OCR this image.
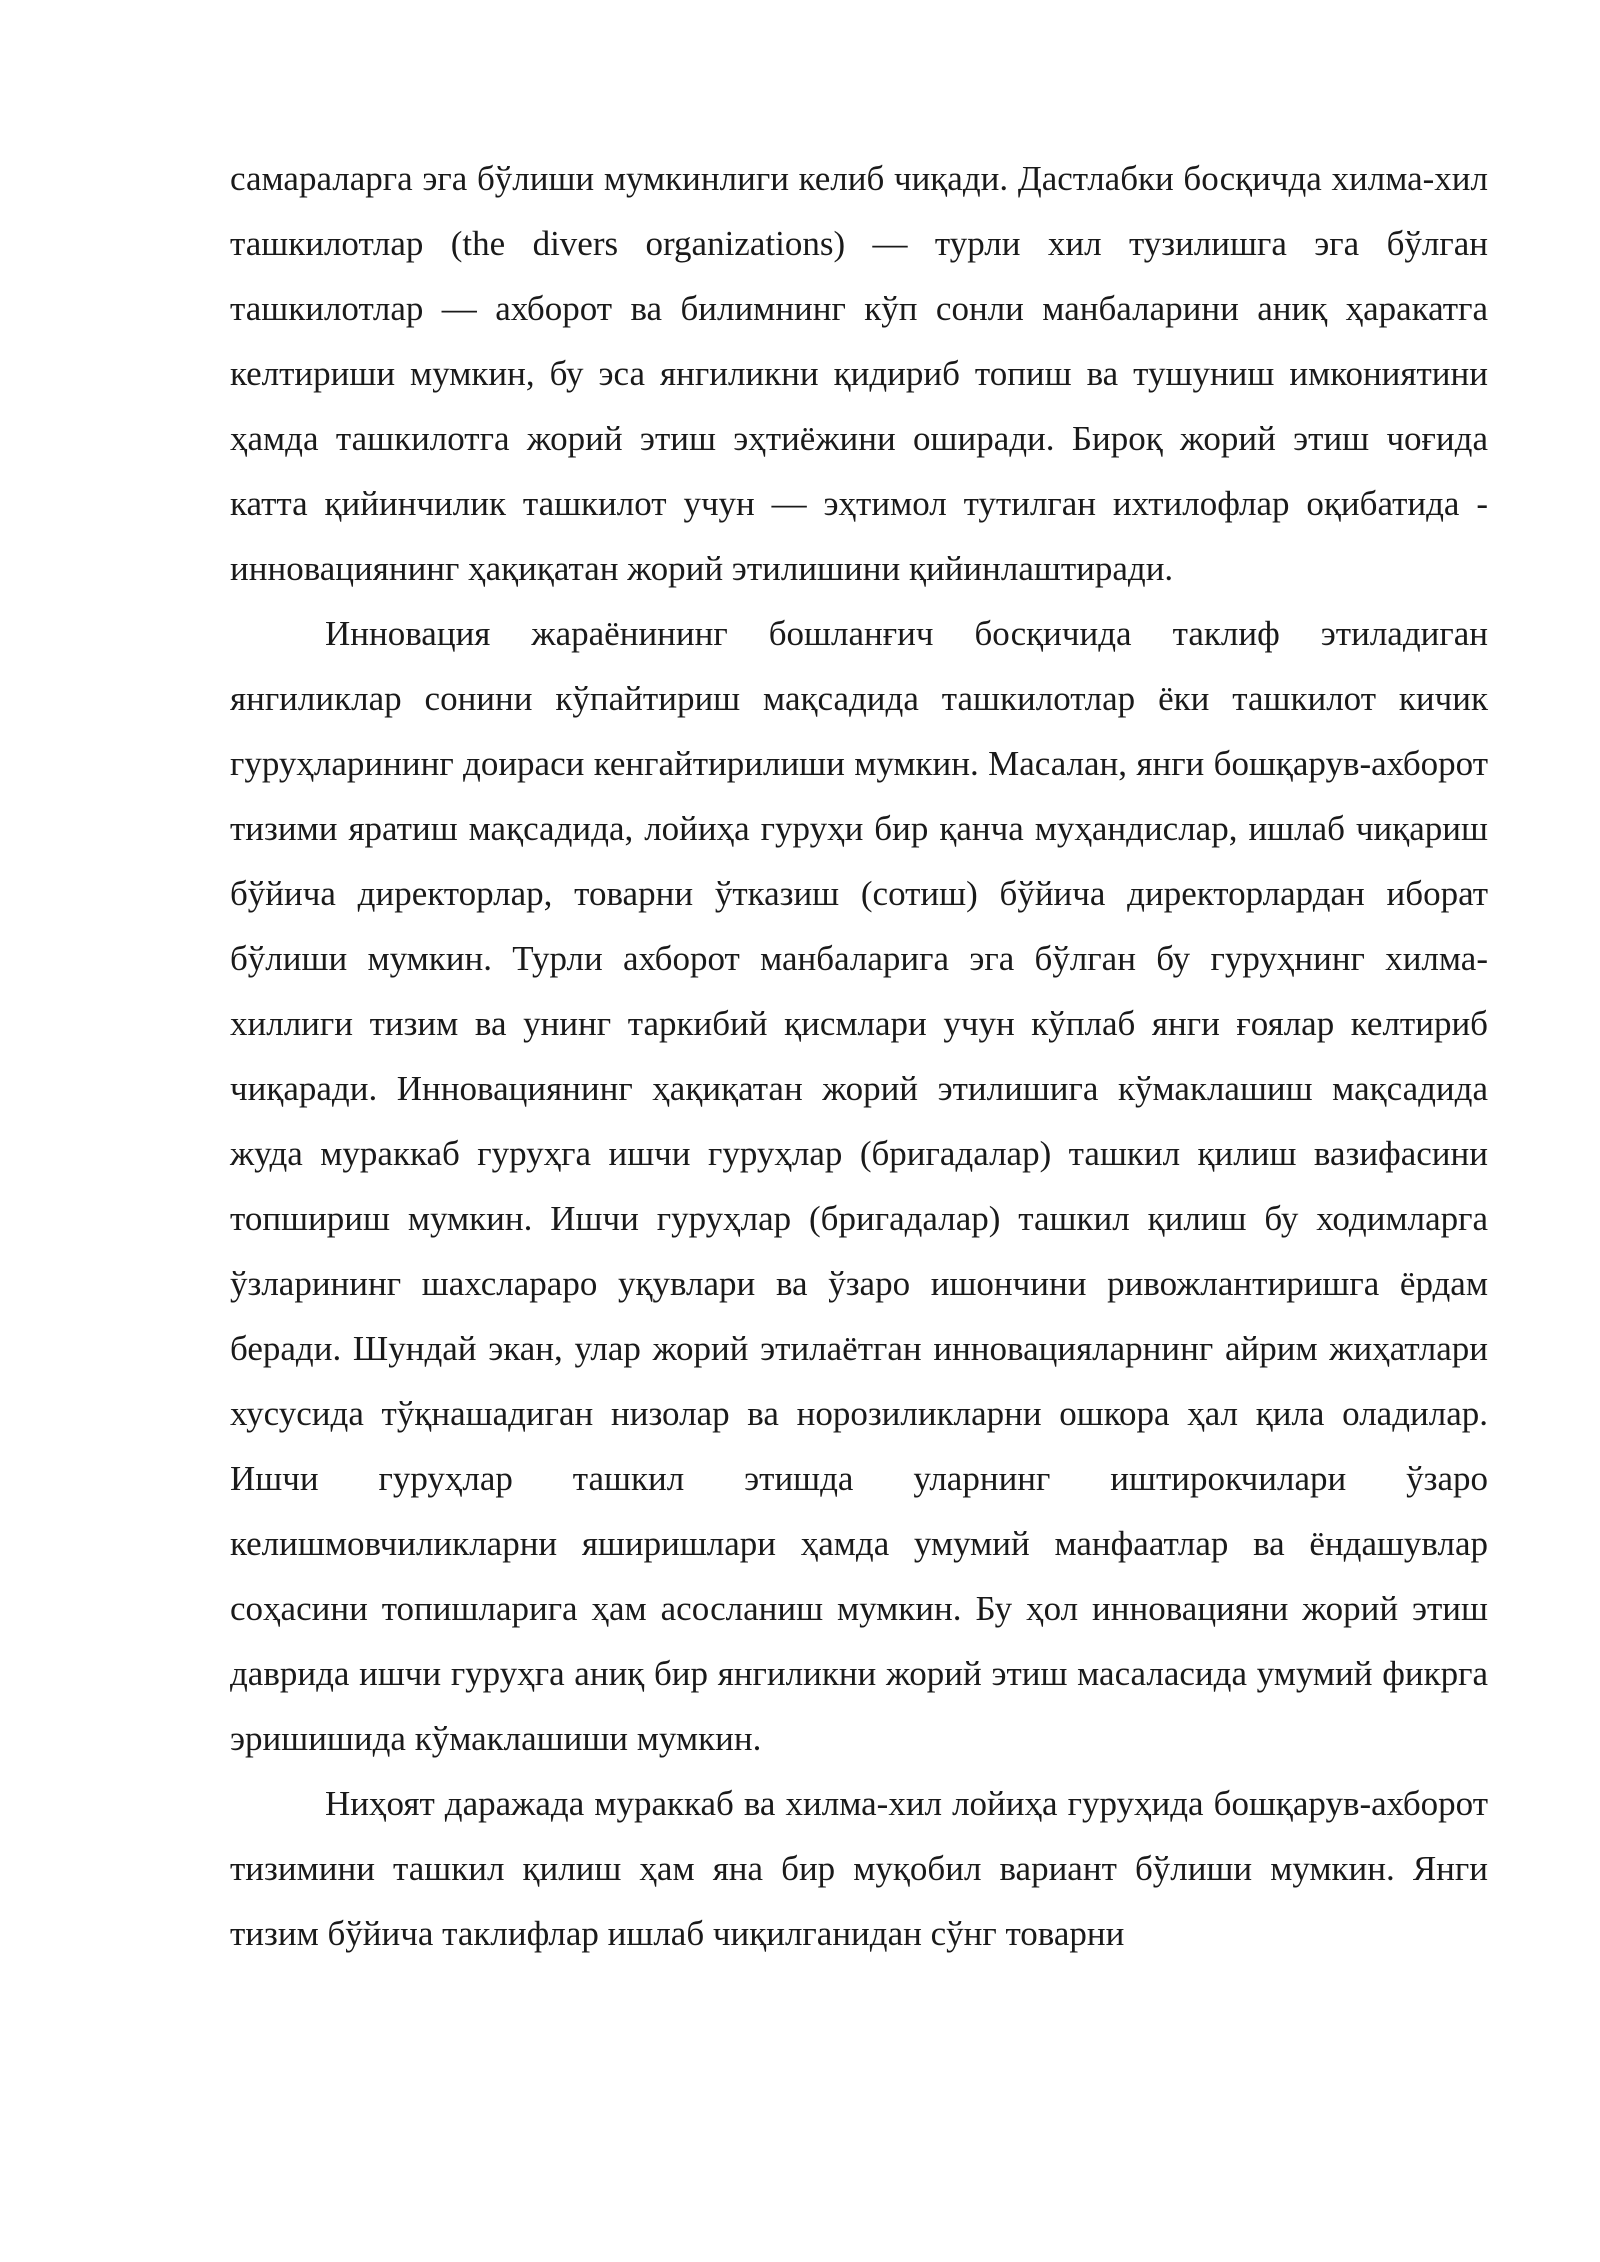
самараларга эга бўлиши мумкинлиги келиб чиқади. Дастлабки босқичда хилма-хил ташкилотлар (the divers organizations) — турли хил тузилишга эга бўлган ташкилотлар — ахборот ва билимнинг кўп сонли манбаларини аниқ ҳаракатга келтириши мумкин, бу эса янгиликни қидириб топиш ва тушуниш имкониятини ҳамда ташкилотга жорий этиш эҳтиёжини оширади. Бироқ жорий этиш чоғида катта қийинчилик ташкилот учун — эҳтимол тутилган ихтилофлар оқибатида - инновациянинг ҳақиқатан жорий этилишини қийинлаштиради.

Инновация жараёнининг бошланғич босқичида таклиф этиладиган янгиликлар сонини кўпайтириш мақсадида ташкилотлар ёки ташкилот кичик гуруҳларининг доираси кенгайтирилиши мумкин. Масалан, янги бошқарув-ахборот тизими яратиш мақсадида, лойиҳа гуруҳи бир қанча муҳандислар, ишлаб чиқариш бўйича директорлар, товарни ўтказиш (сотиш) бўйича директорлардан иборат бўлиши мумкин. Турли ахборот манбаларига эга бўлган бу гуруҳнинг хилма-хиллиги тизим ва унинг таркибий қисмлари учун кўплаб янги ғоялар келтириб чиқаради. Инновациянинг ҳақиқатан жорий этилишига кўмаклашиш мақсадида жуда мураккаб гуруҳга ишчи гуруҳлар (бригадалар) ташкил қилиш вазифасини топшириш мумкин. Ишчи гуруҳлар (бригадалар) ташкил қилиш бу ходимларга ўзларининг шахслараро уқувлари ва ўзаро ишончини ривожлантиришга ёрдам беради. Шундай экан, улар жорий этилаётган инновацияларнинг айрим жиҳатлари хусусида тўқнашадиган низолар ва норозиликларни ошкора ҳал қила оладилар. Ишчи гуруҳлар ташкил этишда уларнинг иштирокчилари ўзаро келишмовчиликларни яширишлари ҳамда умумий манфаатлар ва ёндашувлар соҳасини топишларига ҳам асосланиш мумкин. Бу ҳол инновацияни жорий этиш даврида ишчи гуруҳга аниқ бир янгиликни жорий этиш масаласида умумий фикрга эришишида кўмаклашиши мумкин.

Ниҳоят даражада мураккаб ва хилма-хил лойиҳа гуруҳида бошқарув-ахборот тизимини ташкил қилиш ҳам яна бир муқобил вариант бўлиши мумкин. Янги тизим бўйича таклифлар ишлаб чиқилганидан сўнг товарни
